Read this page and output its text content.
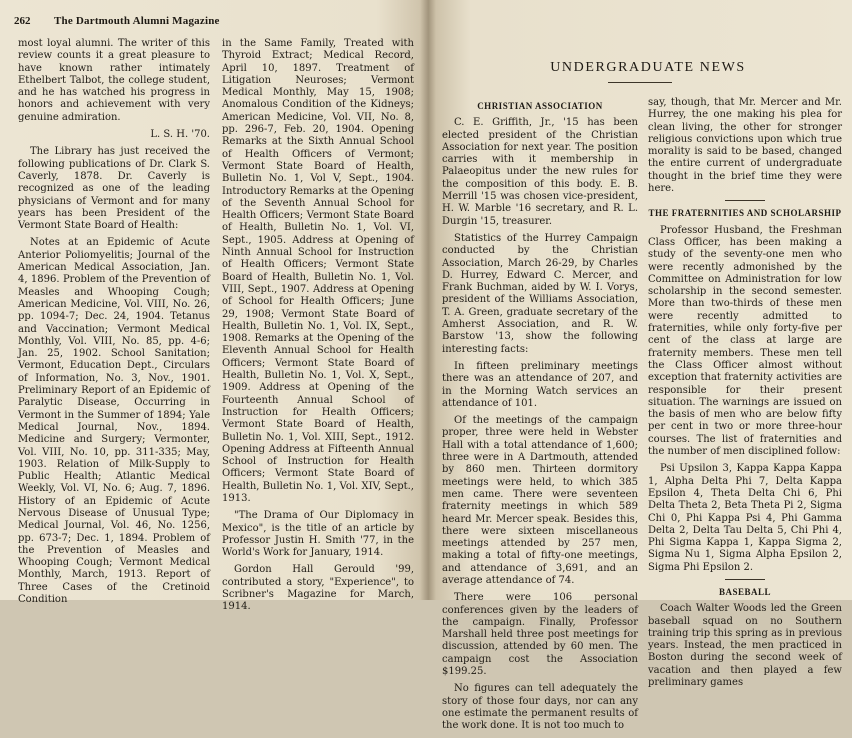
262 The Dartmouth Alumni Magazine

most loyal alumni. The writer of this review counts it a great pleasure to have known rather intimately Ethelbert Talbot, the college student, and he has watched his progress in honors and achievement with very genuine admiration.

L. S. H. '70.

The Library has just received the following publications of Dr. Clark S. Caverly, 1878. Dr. Caverly is recognized as one of the leading physicians of Vermont and for many years has been President of the Vermont State Board of Health:

Notes at an Epidemic of Acute Anterior Poliomyelitis; Journal of the American Medical Association, Jan. 4, 1896. Problem of the Prevention of Measles and Whooping Cough; American Medicine, Vol. VIII, No. 26, pp. 1094-7; Dec. 24, 1904. Tetanus and Vaccination; Vermont Medical Monthly, Vol. VIII, No. 85, pp. 4-6; Jan. 25, 1902. School Sanitation; Vermont, Education Dept., Circulars of Information, No. 3, Nov., 1901. Preliminary Report of an Epidemic of Paralytic Disease, Occurring in Vermont in the Summer of 1894; Yale Medical Journal, Nov., 1894. Medicine and Surgery; Vermonter, Vol. VIII, No. 10, pp. 311-335; May, 1903. Relation of Milk-Supply to Public Health; Atlantic Medical Weekly, Vol. VI, No. 6; Aug. 7, 1896. History of an Epidemic of Acute Nervous Disease of Unusual Type; Medical Journal, Vol. 46, No. 1256, pp. 673-7; Dec. 1, 1894. Problem of the Prevention of Measles and Whooping Cough; Vermont Medical Monthly, March, 1913. Report of Three Cases of the Cretinoid Condition

in the Same Family, Treated with Thyroid Extract; Medical Record, April 10, 1897. Treatment of Litigation Neuroses; Vermont Medical Monthly, May 15, 1908; Anomalous Condition of the Kidneys; American Medicine, Vol. VII, No. 8, pp. 296-7, Feb. 20, 1904. Opening Remarks at the Sixth Annual School of Health Officers of Vermont; Vermont State Board of Health, Bulletin No. 1, Vol V, Sept., 1904. Introductory Remarks at the Opening of the Seventh Annual School for Health Officers; Vermont State Board of Health, Bulletin No. 1, Vol. VI, Sept., 1905. Address at Opening of Ninth Annual School for Instruction of Health Officers; Vermont State Board of Health, Bulletin No. 1, Vol. VIII, Sept., 1907. Address at Opening of School for Health Officers; June 29, 1908; Vermont State Board of Health, Bulletin No. 1, Vol. IX, Sept., 1908. Remarks at the Opening of the Eleventh Annual School for Health Officers; Vermont State Board of Health, Bulletin No. 1, Vol. X, Sept., 1909. Address at Opening of the Fourteenth Annual School of Instruction for Health Officers; Vermont State Board of Health, Bulletin No. 1, Vol. XIII, Sept., 1912. Opening Address at Fifteenth Annual School of Instruction for Health Officers; Vermont State Board of Health, Bulletin No. 1, Vol. XIV, Sept., 1913.

"The Drama of Our Diplomacy in Mexico", is the title of an article by Professor Justin H. Smith '77, in the World's Work for January, 1914.

Gordon Hall Gerould '99, contributed a story, "Experience", to Scribner's Magazine for March, 1914.

UNDERGRADUATE NEWS
CHRISTIAN ASSOCIATION

C. E. Griffith, Jr., '15 has been elected president of the Christian Association for next year. The position carries with it membership in Palaeopitus under the new rules for the composition of this body. E. B. Merrill '15 was chosen vice-president, H. W. Marble '16 secretary, and R. L. Durgin '15, treasurer.

Statistics of the Hurrey Campaign conducted by the Christian Association, March 26-29, by Charles D. Hurrey, Edward C. Mercer, and Frank Buchman, aided by W. I. Vorys, president of the Williams Association, T. A. Green, graduate secretary of the Amherst Association, and R. W. Barstow '13, show the following interesting facts:

In fifteen preliminary meetings there was an attendance of 207, and in the Morning Watch services an attendance of 101.

Of the meetings of the campaign proper, three were held in Webster Hall with a total attendance of 1,600; three were in A Dartmouth, attended by 860 men. Thirteen dormitory meetings were held, to which 385 men came. There were seventeen fraternity meetings in which 589 heard Mr. Mercer speak. Besides this, there were sixteen miscellaneous meetings attended by 257 men, making a total of fifty-one meetings, and attendance of 3,691, and an average attendance of 74.

There were 106 personal conferences given by the leaders of the campaign. Finally, Professor Marshall held three post meetings for discussion, attended by 60 men. The campaign cost the Association $199.25.

No figures can tell adequately the story of those four days, nor can any one estimate the permanent results of the work done. It is not too much to

say, though, that Mr. Mercer and Mr. Hurrey, the one making his plea for clean living, the other for stronger religious convictions upon which true morality is said to be based, changed the entire current of undergraduate thought in the brief time they were here.

THE FRATERNITIES AND SCHOLARSHIP

Professor Husband, the Freshman Class Officer, has been making a study of the seventy-one men who were recently admonished by the Committee on Administration for low scholarship in the second semester. More than two-thirds of these men were recently admitted to fraternities, while only forty-five per cent of the class at large are fraternity members. These men tell the Class Officer almost without exception that fraternity activities are responsible for their present situation. The warnings are issued on the basis of men who are below fifty per cent in two or more three-hour courses. The list of fraternities and the number of men disciplined follow:

Psi Upsilon 3, Kappa Kappa Kappa 1, Alpha Delta Phi 7, Delta Kappa Epsilon 4, Theta Delta Chi 6, Phi Delta Theta 2, Beta Theta Pi 2, Sigma Chi 0, Phi Kappa Psi 4, Phi Gamma Delta 2, Delta Tau Delta 5, Chi Phi 4, Phi Sigma Kappa 1, Kappa Sigma 2, Sigma Nu 1, Sigma Alpha Epsilon 2, Sigma Phi Epsilon 2.

BASEBALL

Coach Walter Woods led the Green baseball squad on no Southern training trip this spring as in previous years. Instead, the men practiced in Boston during the second week of vacation and then played a few preliminary games
